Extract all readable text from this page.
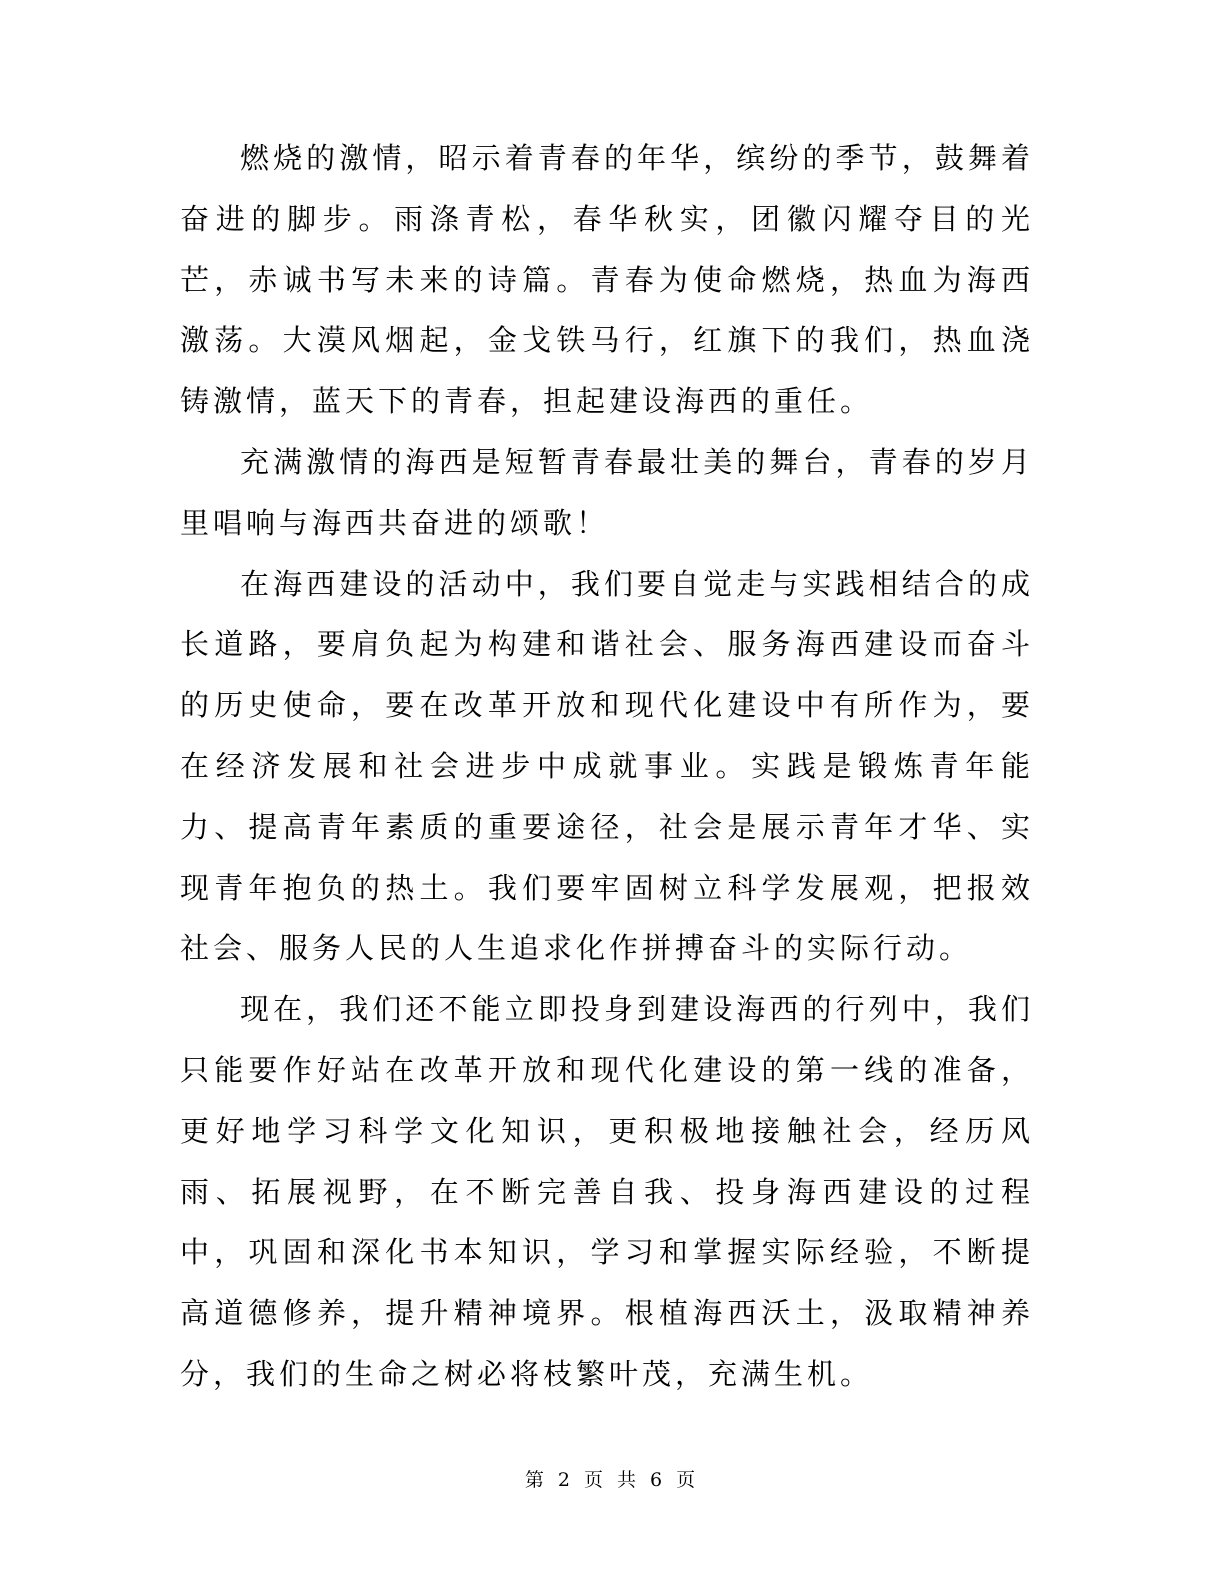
燃烧的激情，昭示着青春的年华，缤纷的季节，鼓舞着奋进的脚步。雨涤青松，春华秋实，团徽闪耀夺目的光芒，赤诚书写未来的诗篇。青春为使命燃烧，热血为海西激荡。大漠风烟起，金戈铁马行，红旗下的我们，热血浇铸激情，蓝天下的青春，担起建设海西的重任。

充满激情的海西是短暂青春最壮美的舞台，青春的岁月里唱响与海西共奋进的颂歌！

在海西建设的活动中，我们要自觉走与实践相结合的成长道路，要肩负起为构建和谐社会、服务海西建设而奋斗的历史使命，要在改革开放和现代化建设中有所作为，要在经济发展和社会进步中成就事业。实践是锻炼青年能力、提高青年素质的重要途径，社会是展示青年才华、实现青年抱负的热土。我们要牢固树立科学发展观，把报效社会、服务人民的人生追求化作拼搏奋斗的实际行动。

现在，我们还不能立即投身到建设海西的行列中，我们只能要作好站在改革开放和现代化建设的第一线的准备，更好地学习科学文化知识，更积极地接触社会，经历风雨、拓展视野，在不断完善自我、投身海西建设的过程中，巩固和深化书本知识，学习和掌握实际经验，不断提高道德修养，提升精神境界。根植海西沃土，汲取精神养分，我们的生命之树必将枝繁叶茂，充满生机。

第 2 页 共 6 页
